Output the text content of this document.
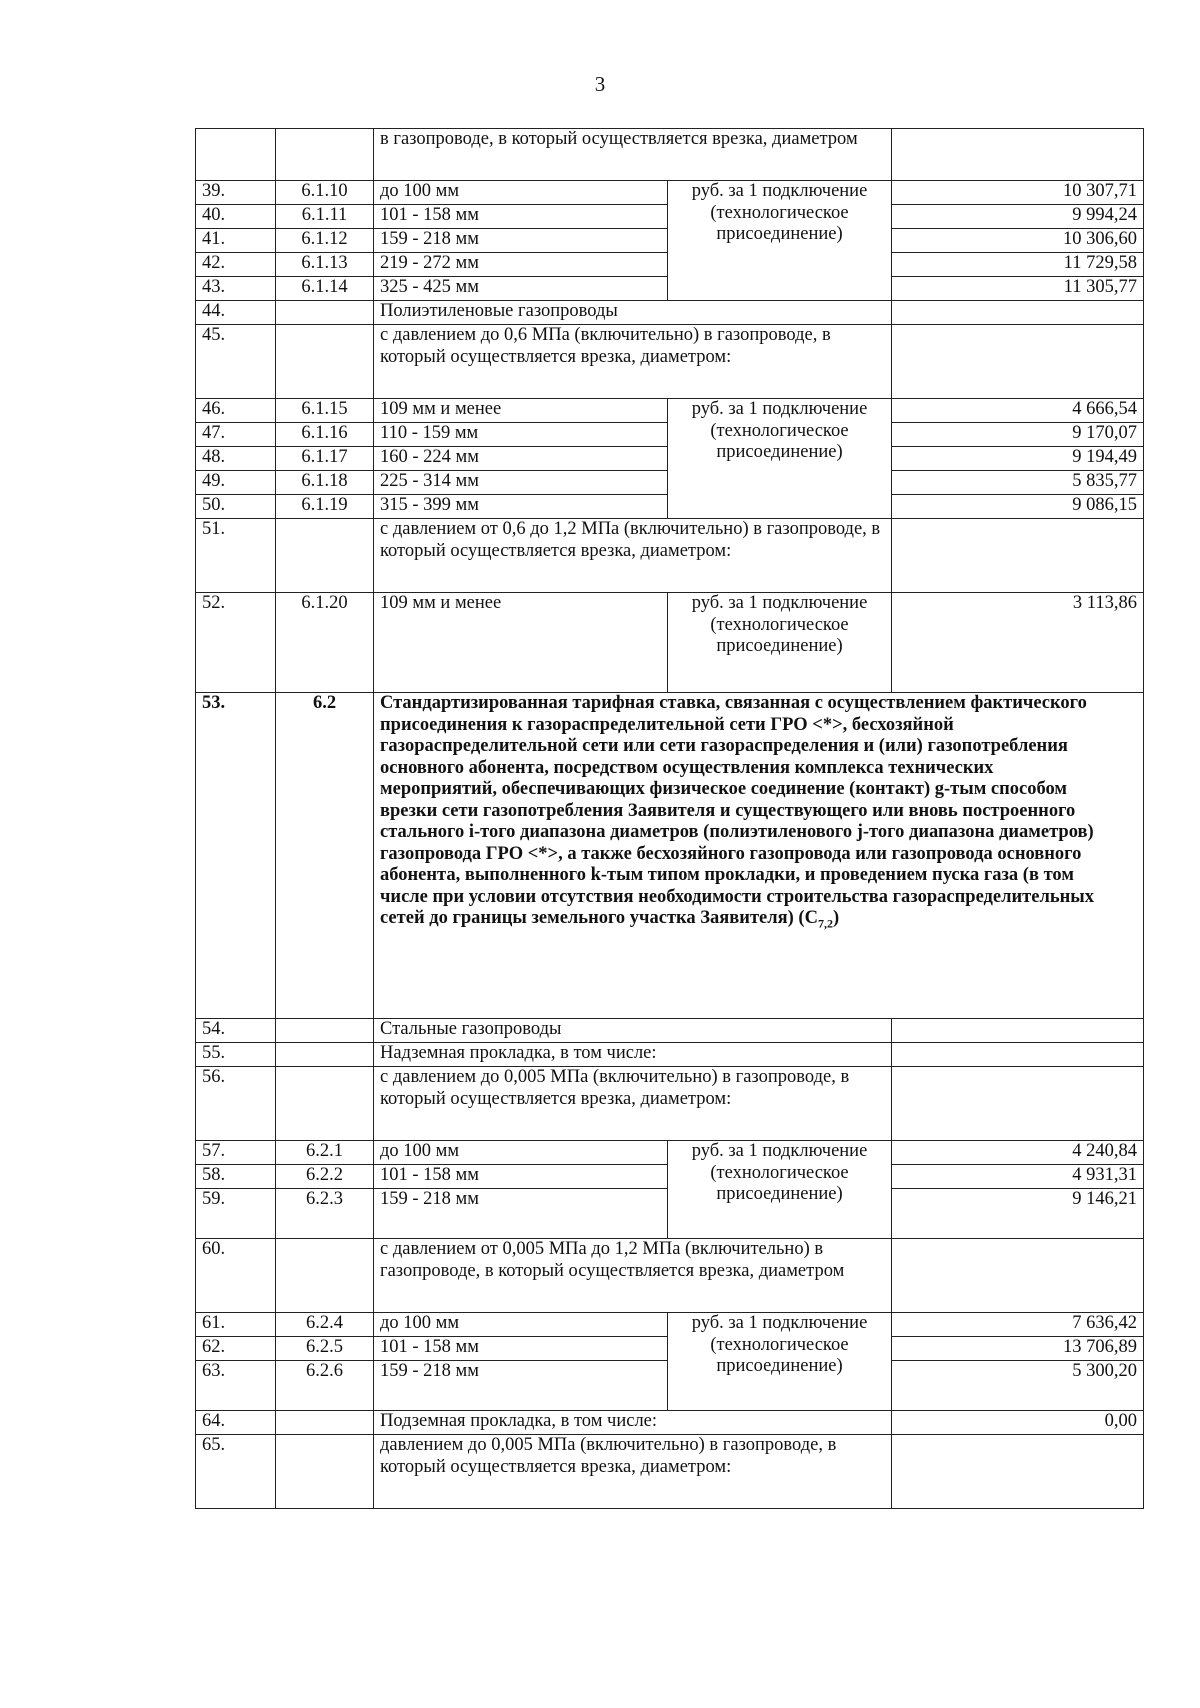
3
		в газопроводе, в который осуществляется врезка, диаметром		
39.	6.1.10	до 100 мм	руб. за 1 подключение (технологическое присоединение)	10 307,71
40.	6.1.11	101 - 158 мм		9 994,24
41.	6.1.12	159 - 218 мм		10 306,60
42.	6.1.13	219 - 272 мм		11 729,58
43.	6.1.14	325 - 425 мм		11 305,77
44.		Полиэтиленовые газопроводы		
45.		с давлением до 0,6 МПа (включительно) в газопроводе, в который осуществляется врезка, диаметром:		
46.	6.1.15	109 мм и менее	руб. за 1 подключение (технологическое присоединение)	4 666,54
47.	6.1.16	110 - 159 мм		9 170,07
48.	6.1.17	160 - 224 мм		9 194,49
49.	6.1.18	225 - 314 мм		5 835,77
50.	6.1.19	315 - 399 мм		9 086,15
51.		с давлением от 0,6 до 1,2 МПа (включительно) в газопроводе, в который осуществляется врезка, диаметром:		
52.	6.1.20	109 мм и менее	руб. за 1 подключение (технологическое присоединение)	3 113,86
53.	6.2	Стандартизированная тарифная ставка, связанная с осуществлением фактического присоединения к газораспределительной сети ГРО <*>, бесхозяйной газораспределительной сети или сети газораспределения и (или) газопотребления основного абонента, посредством осуществления комплекса технических мероприятий, обеспечивающих физическое соединение (контакт) g-тым способом врезки сети газопотребления Заявителя и существующего или вновь построенного стального i-того диапазона диаметров (полиэтиленового j-того диапазона диаметров) газопровода ГРО <*>, а также бесхозяйного газопровода или газопровода основного абонента, выполненного k-тым типом прокладки, и проведением пуска газа (в том числе при условии отсутствия необходимости строительства газораспределительных сетей до границы земельного участка Заявителя) $(С_{7,2})$		
54.		Стальные газопроводы		
55.		Надземная прокладка, в том числе:		
56.		с давлением до 0,005 МПа (включительно) в газопроводе, в который осуществляется врезка, диаметром:		
57.	6.2.1	до 100 мм	руб. за 1 подключение (технологическое присоединение)	4 240,84
58.	6.2.2	101 - 158 мм		4 931,31
59.	6.2.3	159 - 218 мм		9 146,21
60.		с давлением от 0,005 МПа до 1,2 МПа (включительно) в газопроводе, в который осуществляется врезка, диаметром		
61.	6.2.4	до 100 мм	руб. за 1 подключение (технологическое присоединение)	7 636,42
62.	6.2.5	101 - 158 мм		13 706,89
63.	6.2.6	159 - 218 мм		5 300,20
64.		Подземная прокладка, в том числе:		0,00
65.		давлением до 0,005 МПа (включительно) в газопроводе, в который осуществляется врезка, диаметром:		
